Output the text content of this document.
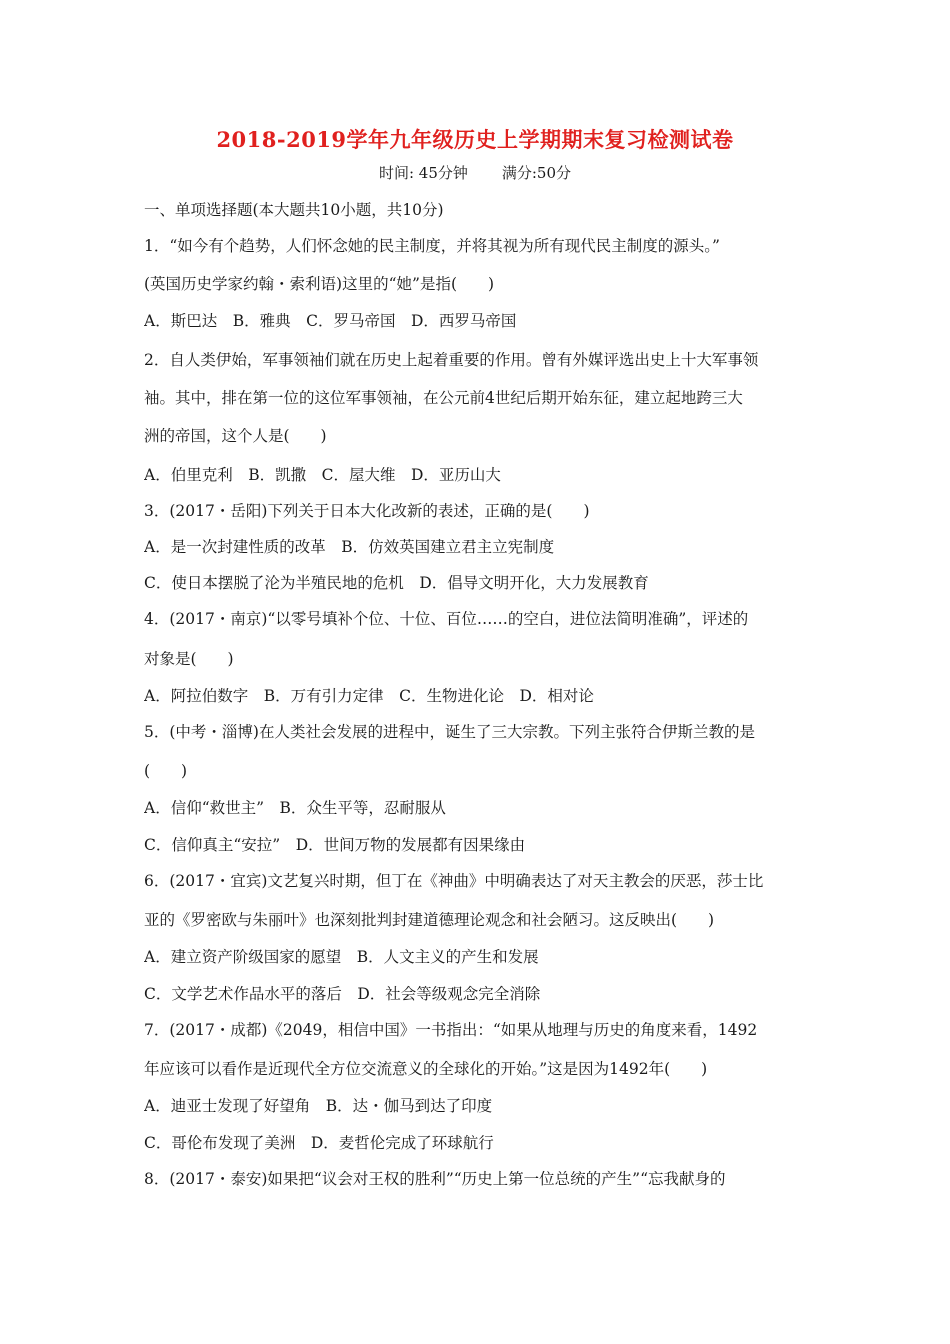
2018-2019学年九年级历史上学期期末复习检测试卷
时间: 45分钟 满分:50分
一、单项选择题(本大题共10小题，共10分)
1．“如今有个趋势，人们怀念她的民主制度，并将其视为所有现代民主制度的源头。”
(英国历史学家约翰・索利语)这里的“她”是指(　　)
A．斯巴达　B．雅典　C．罗马帝国　D．西罗马帝国
2．自人类伊始，军事领袖们就在历史上起着重要的作用。曾有外媒评选出史上十大军事领
袖。其中，排在第一位的这位军事领袖，在公元前4世纪后期开始东征，建立起地跨三大
洲的帝国，这个人是(　　)
A．伯里克利　B．凯撒　C．屋大维　D．亚历山大
3．(2017・岳阳)下列关于日本大化改新的表述，正确的是(　　)
A．是一次封建性质的改革　B．仿效英国建立君主立宪制度
C．使日本摆脱了沦为半殖民地的危机　D．倡导文明开化，大力发展教育
4．(2017・南京)“以零号填补个位、十位、百位……的空白，进位法简明准确”，评述的
对象是(　　)
A．阿拉伯数字　B．万有引力定律　C．生物进化论　D．相对论
5．(中考・淄博)在人类社会发展的进程中，诞生了三大宗教。下列主张符合伊斯兰教的是
(　　)
A．信仰“救世主”　B．众生平等，忍耐服从
C．信仰真主“安拉”　D．世间万物的发展都有因果缘由
6．(2017・宜宾)文艺复兴时期，但丁在《神曲》中明确表达了对天主教会的厌恶，莎士比
亚的《罗密欧与朱丽叶》也深刻批判封建道德理论观念和社会陋习。这反映出(　　)
A．建立资产阶级国家的愿望　B．人文主义的产生和发展
C．文学艺术作品水平的落后　D．社会等级观念完全消除
7．(2017・成都)《2049，相信中国》一书指出：“如果从地理与历史的角度来看，1492
年应该可以看作是近现代全方位交流意义的全球化的开始。”这是因为1492年(　　)
A．迪亚士发现了好望角　B．达・伽马到达了印度
C．哥伦布发现了美洲　D．麦哲伦完成了环球航行
8．(2017・泰安)如果把“议会对王权的胜利”“历史上第一位总统的产生”“忘我献身的
